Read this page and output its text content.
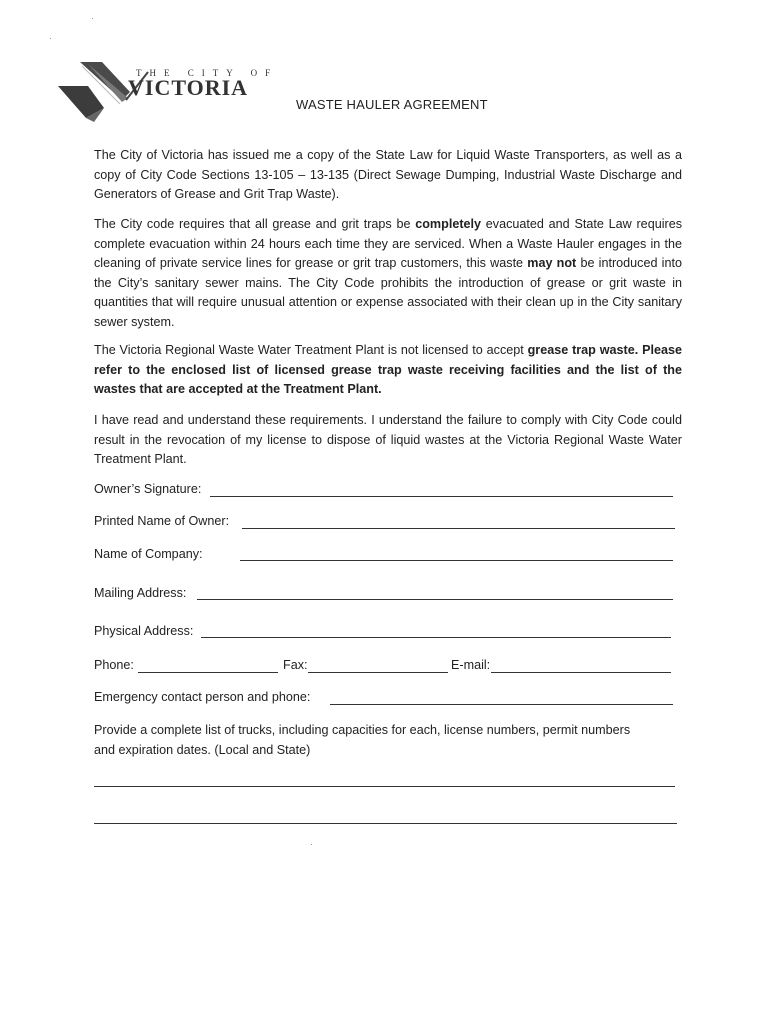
THE CITY OF
VICTORIA
WASTE HAULER AGREEMENT
The City of Victoria has issued me a copy of the State Law for Liquid Waste Transporters, as well as a copy of City Code Sections 13-105 – 13-135 (Direct Sewage Dumping, Industrial Waste Discharge and Generators of Grease and Grit Trap Waste).
The City code requires that all grease and grit traps be completely evacuated and State Law requires complete evacuation within 24 hours each time they are serviced. When a Waste Hauler engages in the cleaning of private service lines for grease or grit trap customers, this waste may not be introduced into the City’s sanitary sewer mains. The City Code prohibits the introduction of grease or grit waste in quantities that will require unusual attention or expense associated with their clean up in the City sanitary sewer system.
The Victoria Regional Waste Water Treatment Plant is not licensed to accept grease trap waste. Please refer to the enclosed list of licensed grease trap waste receiving facilities and the list of the wastes that are accepted at the Treatment Plant.
I have read and understand these requirements. I understand the failure to comply with City Code could result in the revocation of my license to dispose of liquid wastes at the Victoria Regional Waste Water Treatment Plant.
Owner’s Signature:
Printed Name of Owner:
Name of Company:
Mailing Address:
Physical Address:
Phone:	Fax:	E-mail:
Emergency contact person and phone:
Provide a complete list of trucks, including capacities for each, license numbers, permit numbers and expiration dates. (Local and State)
